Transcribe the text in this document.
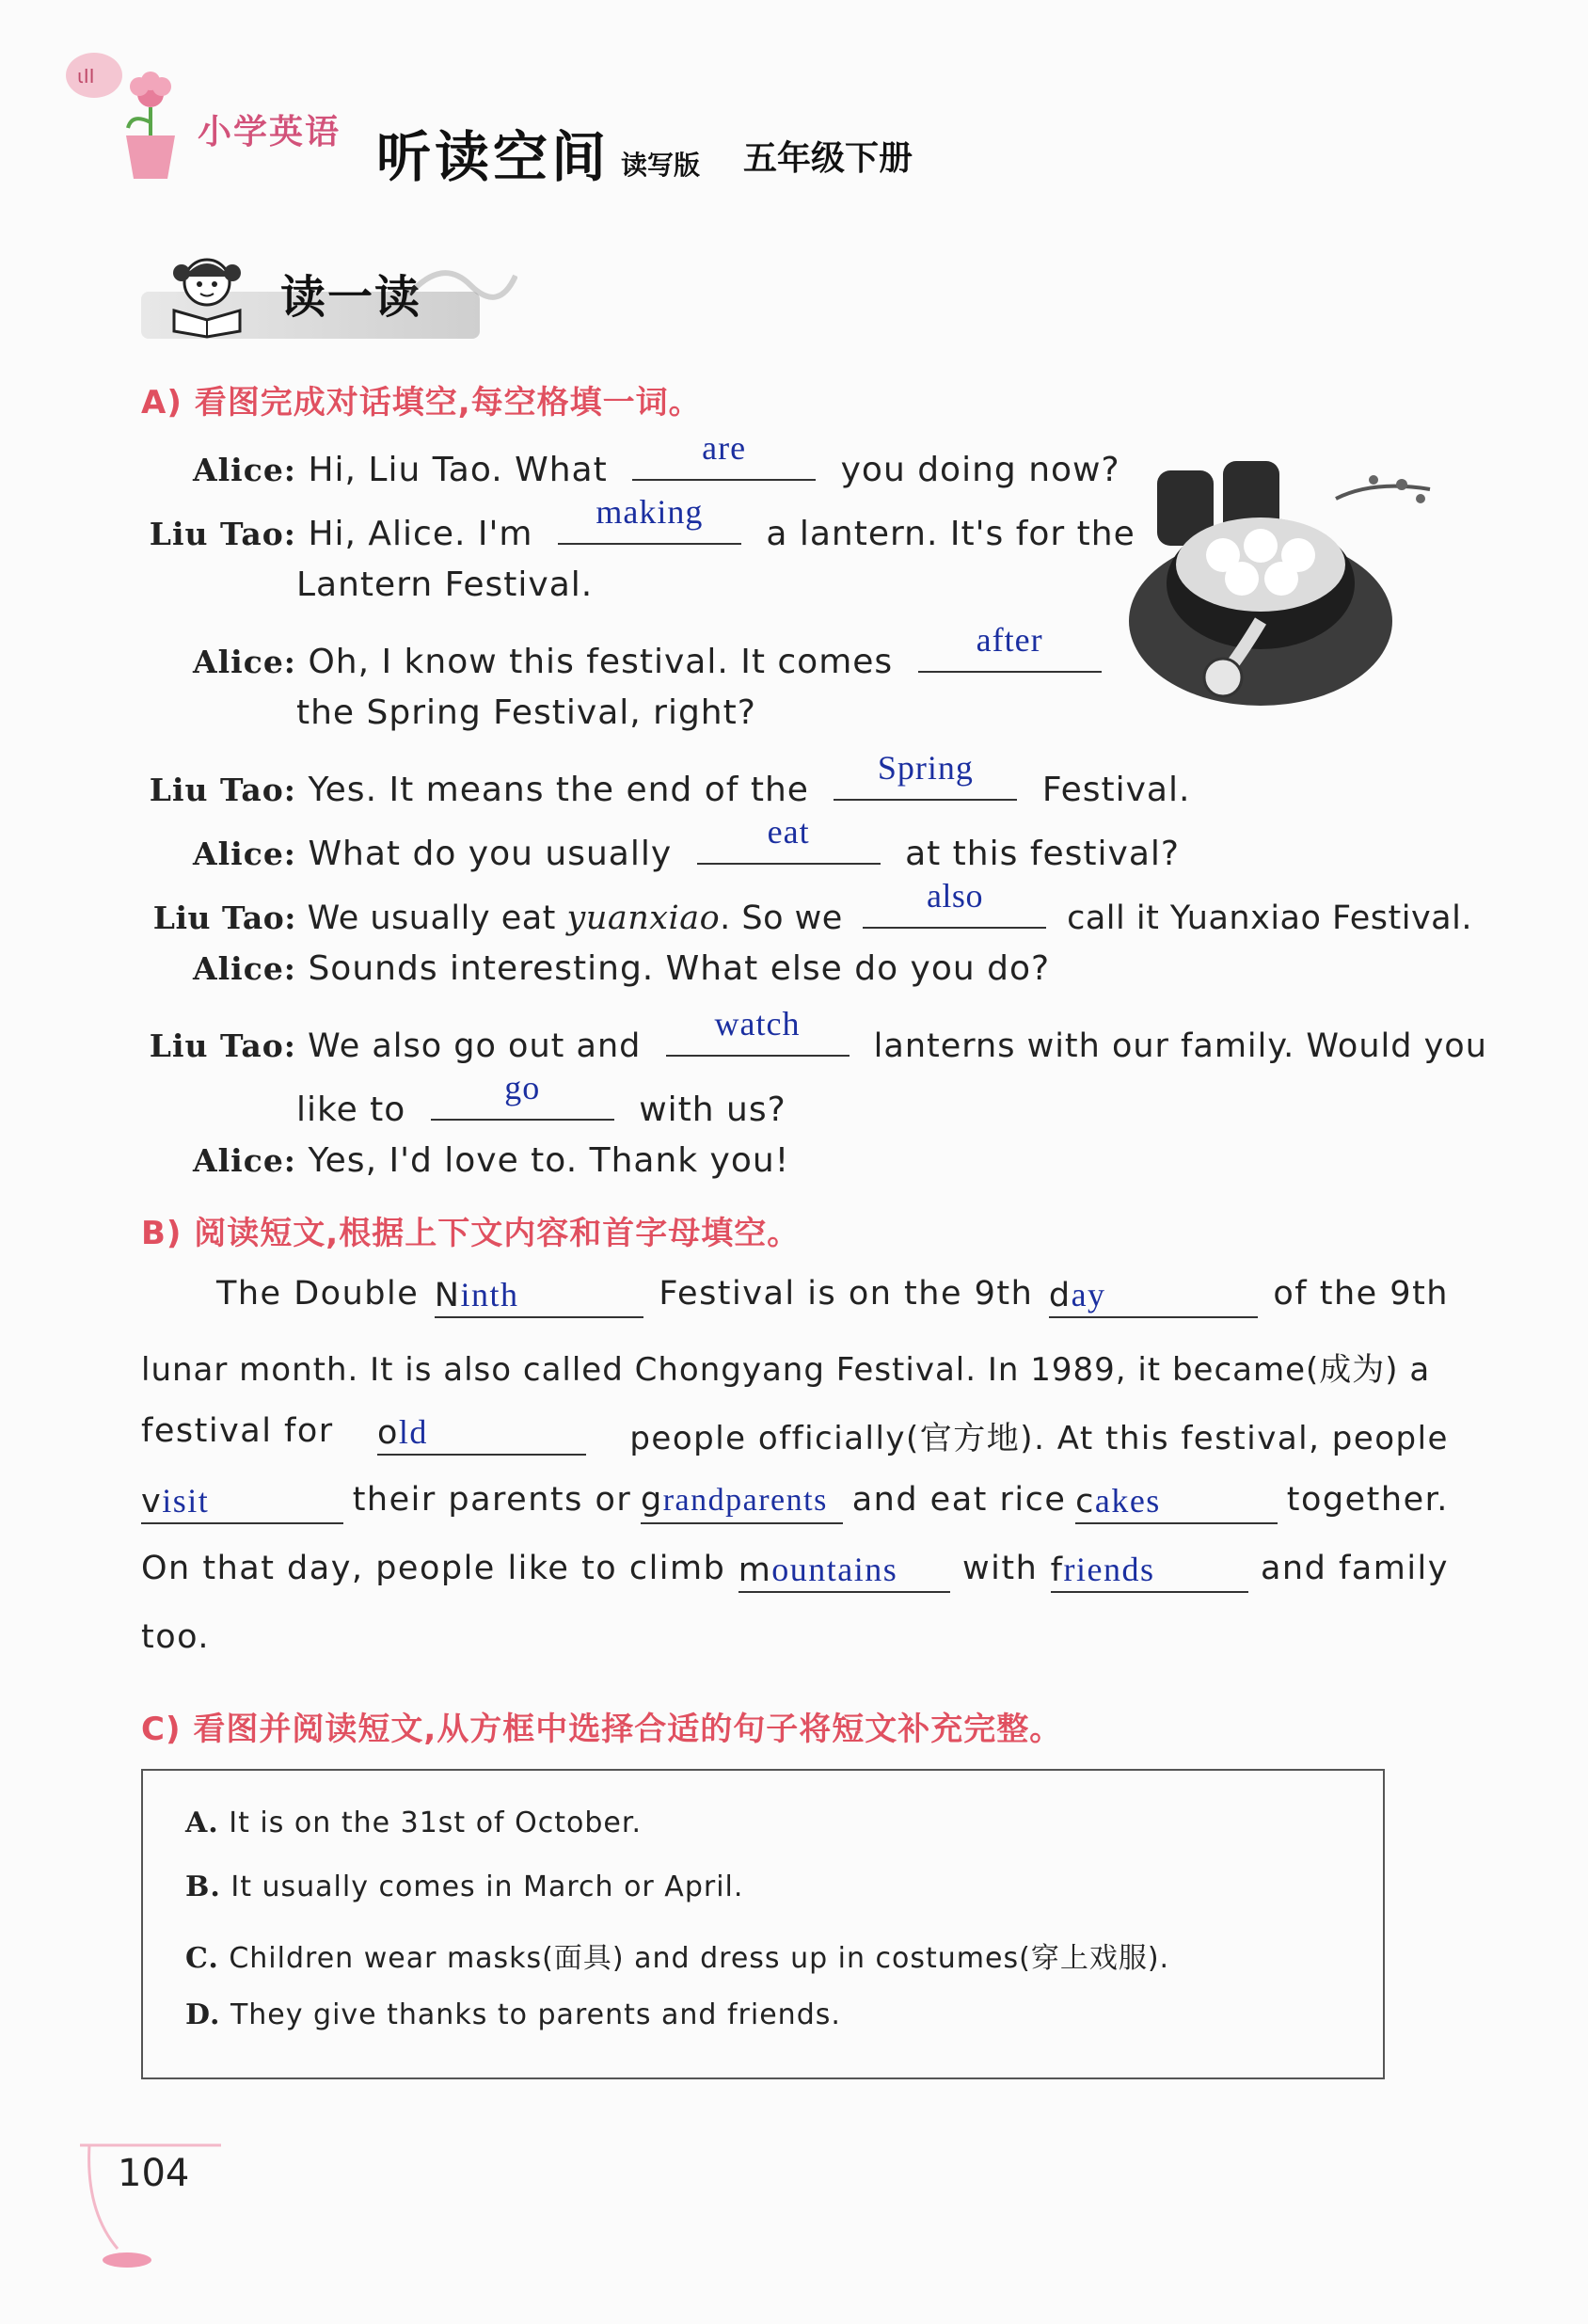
ιΙΙ
小学英语 听读空间 读写版 五年级下册
读一读
A) 看图完成对话填空,每空格填一词。
Alice: Hi, Liu Tao. What
are
you doing now?
Liu Tao: Hi, Alice. I'm
making
a lantern. It's for the
Lantern Festival.
Alice: Oh, I know this festival. It comes
after
the Spring Festival, right?
Liu Tao: Yes. It means the end of the
Spring
Festival.
Alice: What do you usually
eat
at this festival?
Liu Tao: We usually eat yuanxiao. So we
also
call it Yuanxiao Festival.
Alice: Sounds interesting. What else do you do?
Liu Tao: We also go out and
watch
lanterns with our family. Would you
like to
go
with us?
Alice: Yes, I'd love to. Thank you!
B) 阅读短文,根据上下文内容和首字母填空。
The Double Ninth	Festival is on the 9th day	of the 9th
lunar month. It is also called Chongyang Festival. In 1989, it became(成为) a
festival for old	people officially(官方地). At this festival, people
visit	their parents or grandparents and eat rice cakes	together.
On that day, people like to climb mountains	with friends	and family
too.
C) 看图并阅读短文,从方框中选择合适的句子将短文补充完整。
A. It is on the 31st of October.
B. It usually comes in March or April.
C. Children wear masks(面具) and dress up in costumes(穿上戏服).
D. They give thanks to parents and friends.
104
